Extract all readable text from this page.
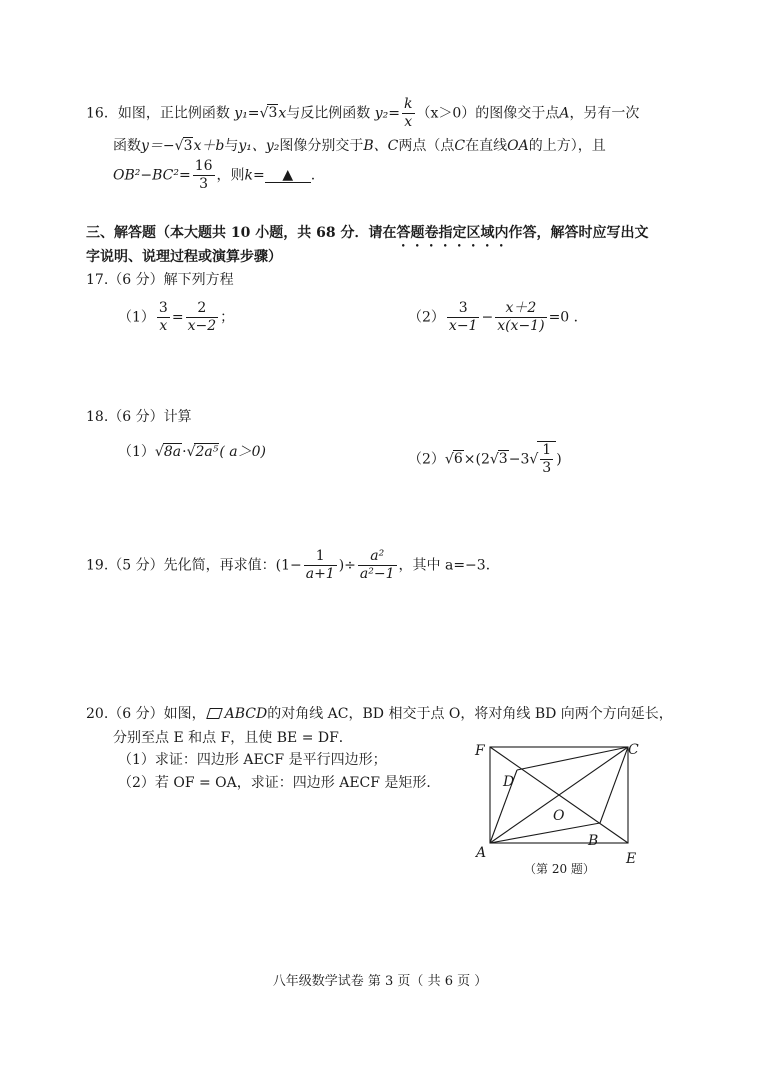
16．如图，正比例函数 y₁=√3x与反比例函数 $y_2= \frac{k}{x} (x>0)$的图像交于点A，另有一次
函数y＝−√3x＋b与y₁、y₂图像分别交于B、C两点（点C在直线OA的上方），且
$OB^2-BC^2= \frac{16}{3}$ ，则k= ▲ .
三、解答题（本大题共 10 小题，共 68 分．请在答题卷指定区域内作答，解答时应写出文
字说明、说理过程或演算步骤）
17.（6 分）解下列方程
$(1) \frac{3}{x} = \frac{2}{x-2}$ ；	$(2) \frac{3}{x-1} - \frac{x+2}{x(x-1)} =0$ ．
18.（6 分）计算
（1）√8a·√2a⁵( a＞0)	$(2)√6\times(2√3-3√ \frac{1}{3}$ )
19.（5 分）先化简，再求值：($1- \frac{1}{a+1}$ )÷ $\frac{\text{a²}}{\text{a²−1}}$ ，其中 a=−3．
20.（6 分）如图， ABCD的对角线 AC，BD 相交于点 O，将对角线 BD 向两个方向延长，
分别至点 E 和点 F，且使 BE = DF．
（1）求证：四边形 AECF 是平行四边形；
（2）若 OF = OA，求证：四边形 AECF 是矩形．
F	C
D
O
B
A	E
（第 20 题）
八年级数学试卷 第 3 页（ 共 6 页 ）
